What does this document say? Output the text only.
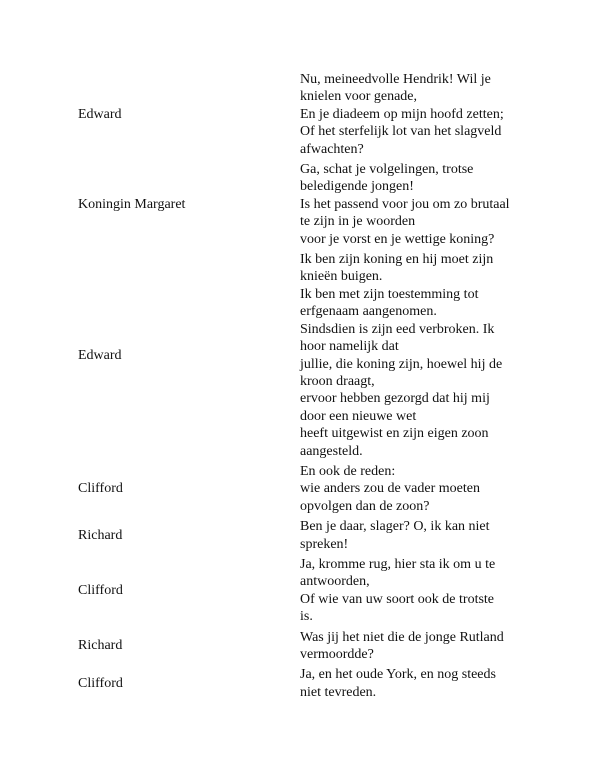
Edward
Nu, meineedvolle Hendrik! Wil je
knielen voor genade,
En je diadeem op mijn hoofd zetten;
Of het sterfelijk lot van het slagveld
afwachten?
Koningin Margaret
Ga, schat je volgelingen, trotse
beledigende jongen!
Is het passend voor jou om zo brutaal
te zijn in je woorden
voor je vorst en je wettige koning?
Edward
Ik ben zijn koning en hij moet zijn
knieën buigen.
Ik ben met zijn toestemming tot
erfgenaam aangenomen.
Sindsdien is zijn eed verbroken. Ik
hoor namelijk dat
jullie, die koning zijn, hoewel hij de
kroon draagt,
ervoor hebben gezorgd dat hij mij
door een nieuwe wet
heeft uitgewist en zijn eigen zoon
aangesteld.
Clifford
En ook de reden:
wie anders zou de vader moeten
opvolgen dan de zoon?
Richard
Ben je daar, slager? O, ik kan niet
spreken!
Clifford
Ja, kromme rug, hier sta ik om u te
antwoorden,
Of wie van uw soort ook de trotste
is.
Richard
Was jij het niet die de jonge Rutland
vermoordde?
Clifford
Ja, en het oude York, en nog steeds
niet tevreden.
